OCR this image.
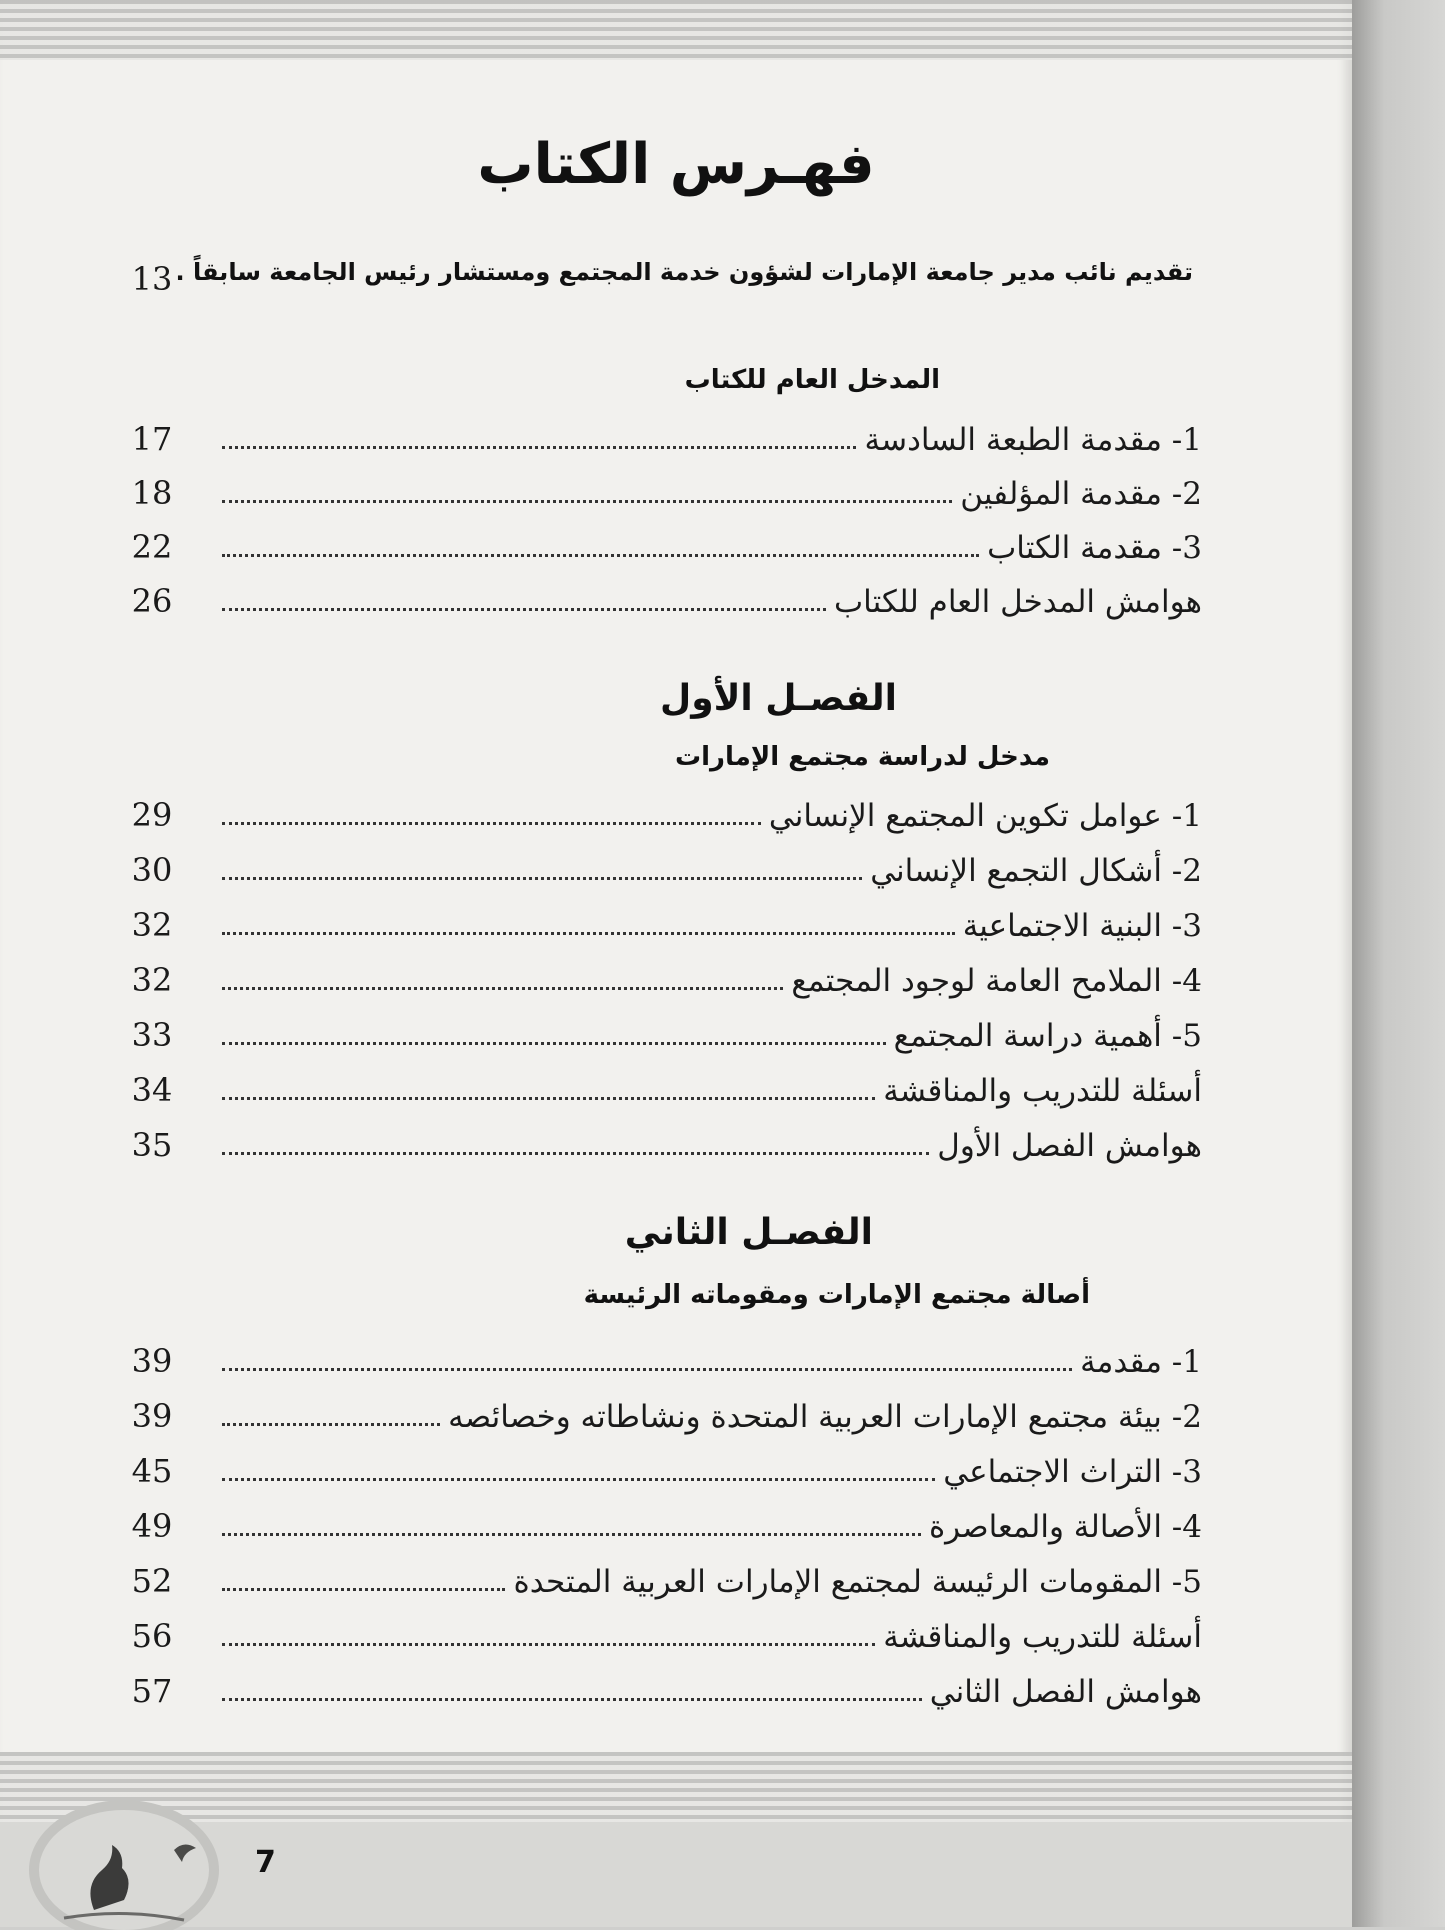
فهـرس الكتاب
تقديم نائب مدير جامعة الإمارات لشؤون خدمة المجتمع ومستشار رئيس الجامعة سابقاً .
13
المدخل العام للكتاب
1- مقدمة الطبعة السادسة
17
2- مقدمة المؤلفين
18
3- مقدمة الكتاب
22
هوامش المدخل العام للكتاب
26
الفصـل الأول
مدخل لدراسة مجتمع الإمارات
1- عوامل تكوين المجتمع الإنساني
29
2- أشكال التجمع الإنساني
30
3- البنية الاجتماعية
32
4- الملامح العامة لوجود المجتمع
32
5- أهمية دراسة المجتمع
33
أسئلة للتدريب والمناقشة
34
هوامش الفصل الأول
35
الفصـل الثاني
أصالة مجتمع الإمارات ومقوماته الرئيسة
1- مقدمة
39
2- بيئة مجتمع الإمارات العربية المتحدة ونشاطاته وخصائصه
39
3- التراث الاجتماعي
45
4- الأصالة والمعاصرة
49
5- المقومات الرئيسة لمجتمع الإمارات العربية المتحدة
52
أسئلة للتدريب والمناقشة
56
هوامش الفصل الثاني
57
7
